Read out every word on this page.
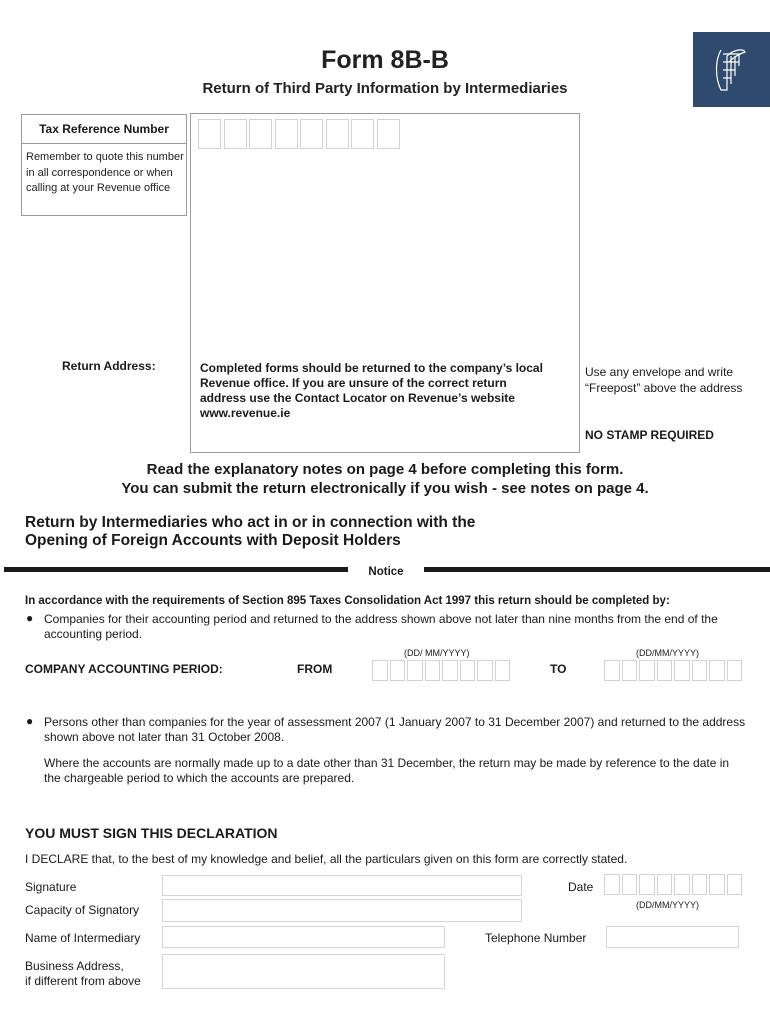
Form 8B-B
Return of Third Party Information by Intermediaries
Tax Reference Number
Remember to quote this number in all correspondence or when calling at your Revenue office
Return Address:	Completed forms should be returned to the company’s local Revenue office. If you are unsure of the correct return address use the Contact Locator on Revenue’s website www.revenue.ie
Use any envelope and write “Freepost” above the address
NO STAMP REQUIRED
Read the explanatory notes on page 4 before completing this form.
You can submit the return electronically if you wish - see notes on page 4.
Return by Intermediaries who act in or in connection with the
Opening of Foreign Accounts with Deposit Holders
Notice
In accordance with the requirements of Section 895 Taxes Consolidation Act 1997 this return should be completed by:
● Companies for their accounting period and returned to the address shown above not later than nine months from the end of the accounting period.
(DD/ MM/YYYY)	(DD/MM/YYYY)
COMPANY ACCOUNTING PERIOD:	FROM	TO
● Persons other than companies for the year of assessment 2007 (1 January 2007 to 31 December 2007) and returned to the address shown above not later than 31 October 2008.
Where the accounts are normally made up to a date other than 31 December, the return may be made by reference to the date in the chargeable period to which the accounts are prepared.
YOU MUST SIGN THIS DECLARATION
I DECLARE that, to the best of my knowledge and belief, all the particulars given on this form are correctly stated.
Signature	Date
(DD/MM/YYYY)
Capacity of Signatory
Name of Intermediary	Telephone Number
Business Address,
if different from above
